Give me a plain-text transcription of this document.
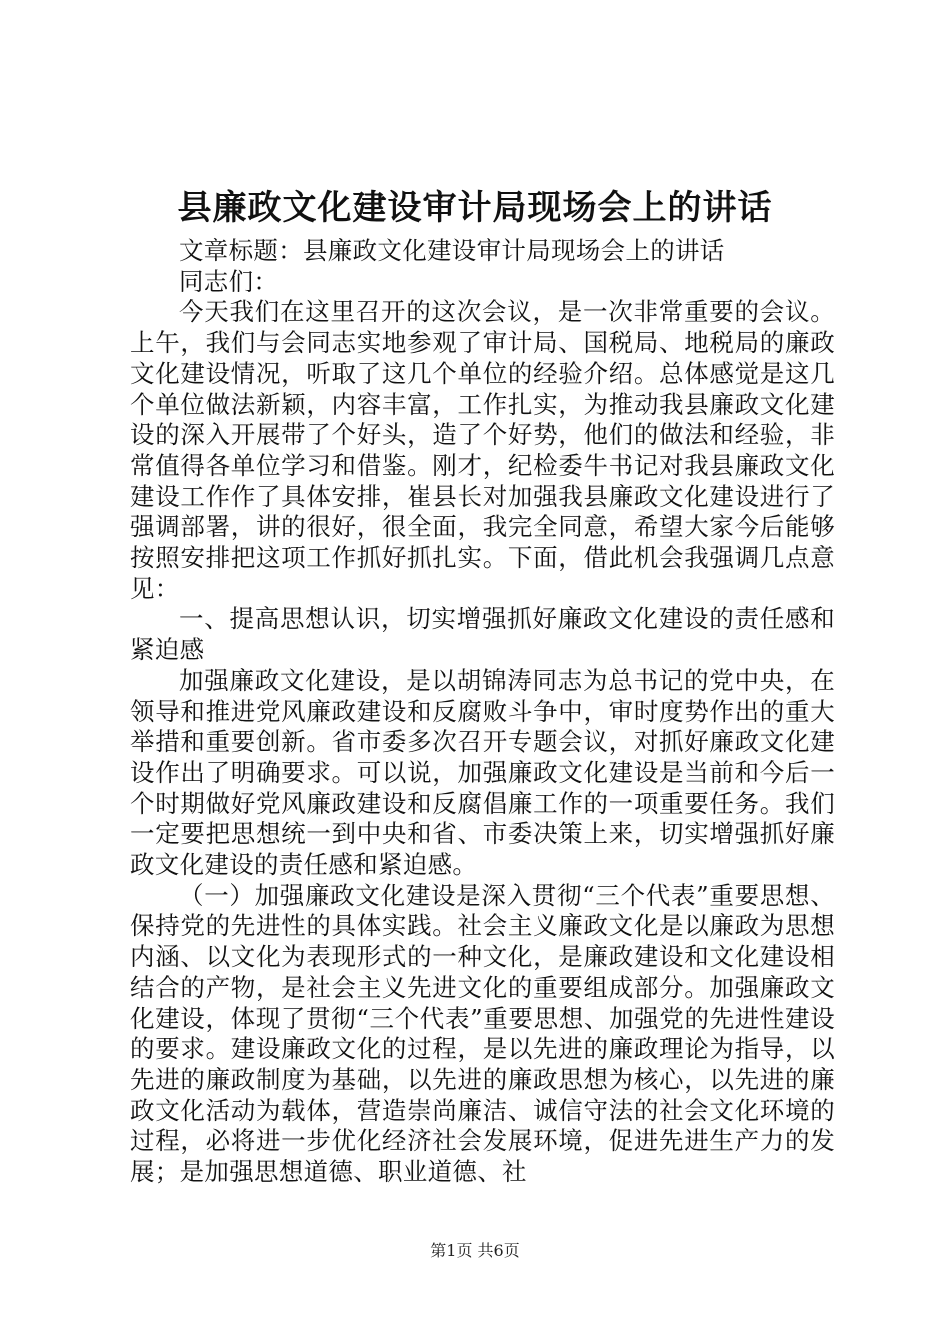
县廉政文化建设审计局现场会上的讲话

文章标题：县廉政文化建设审计局现场会上的讲话

同志们：

今天我们在这里召开的这次会议，是一次非常重要的会议。上午，我们与会同志实地参观了审计局、国税局、地税局的廉政文化建设情况，听取了这几个单位的经验介绍。总体感觉是这几个单位做法新颖，内容丰富，工作扎实，为推动我县廉政文化建设的深入开展带了个好头，造了个好势，他们的做法和经验，非常值得各单位学习和借鉴。刚才，纪检委牛书记对我县廉政文化建设工作作了具体安排，崔县长对加强我县廉政文化建设进行了强调部署，讲的很好，很全面，我完全同意，希望大家今后能够按照安排把这项工作抓好抓扎实。下面，借此机会我强调几点意见：

一、提高思想认识，切实增强抓好廉政文化建设的责任感和紧迫感

加强廉政文化建设，是以胡锦涛同志为总书记的党中央，在领导和推进党风廉政建设和反腐败斗争中，审时度势作出的重大举措和重要创新。省市委多次召开专题会议，对抓好廉政文化建设作出了明确要求。可以说，加强廉政文化建设是当前和今后一个时期做好党风廉政建设和反腐倡廉工作的一项重要任务。我们一定要把思想统一到中央和省、市委决策上来，切实增强抓好廉政文化建设的责任感和紧迫感。

（一）加强廉政文化建设是深入贯彻“三个代表”重要思想、保持党的先进性的具体实践。社会主义廉政文化是以廉政为思想内涵、以文化为表现形式的一种文化，是廉政建设和文化建设相结合的产物，是社会主义先进文化的重要组成部分。加强廉政文化建设，体现了贯彻“三个代表”重要思想、加强党的先进性建设的要求。建设廉政文化的过程，是以先进的廉政理论为指导，以先进的廉政制度为基础，以先进的廉政思想为核心，以先进的廉政文化活动为载体，营造崇尚廉洁、诚信守法的社会文化环境的过程，必将进一步优化经济社会发展环境，促进先进生产力的发展；是加强思想道德、职业道德、社

第1页 共6页
